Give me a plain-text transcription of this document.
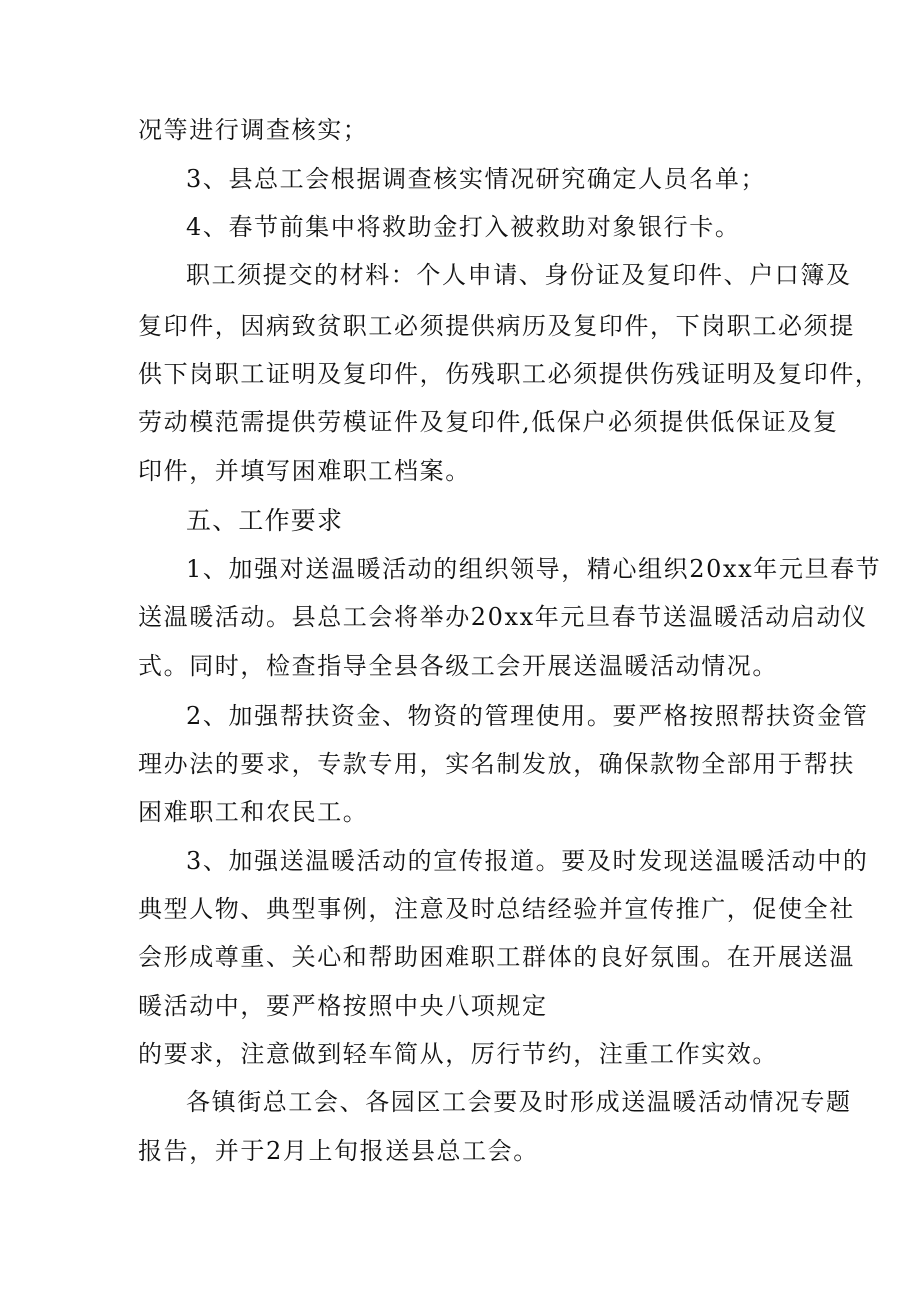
况等进行调查核实；
3、县总工会根据调查核实情况研究确定人员名单；
4、春节前集中将救助金打入被救助对象银行卡。
职工须提交的材料：个人申请、身份证及复印件、户口簿及
复印件，因病致贫职工必须提供病历及复印件，下岗职工必须提
供下岗职工证明及复印件，伤残职工必须提供伤残证明及复印件，
劳动模范需提供劳模证件及复印件,低保户必须提供低保证及复
印件，并填写困难职工档案。
五、工作要求
1、加强对送温暖活动的组织领导，精心组织20xx年元旦春节
送温暖活动。县总工会将举办20xx年元旦春节送温暖活动启动仪
式。同时，检查指导全县各级工会开展送温暖活动情况。
2、加强帮扶资金、物资的管理使用。要严格按照帮扶资金管
理办法的要求，专款专用，实名制发放，确保款物全部用于帮扶
困难职工和农民工。
3、加强送温暖活动的宣传报道。要及时发现送温暖活动中的
典型人物、典型事例，注意及时总结经验并宣传推广，促使全社
会形成尊重、关心和帮助困难职工群体的良好氛围。在开展送温
暖活动中，要严格按照中央八项规定
的要求，注意做到轻车简从，厉行节约，注重工作实效。
各镇街总工会、各园区工会要及时形成送温暖活动情况专题
报告，并于2月上旬报送县总工会。
